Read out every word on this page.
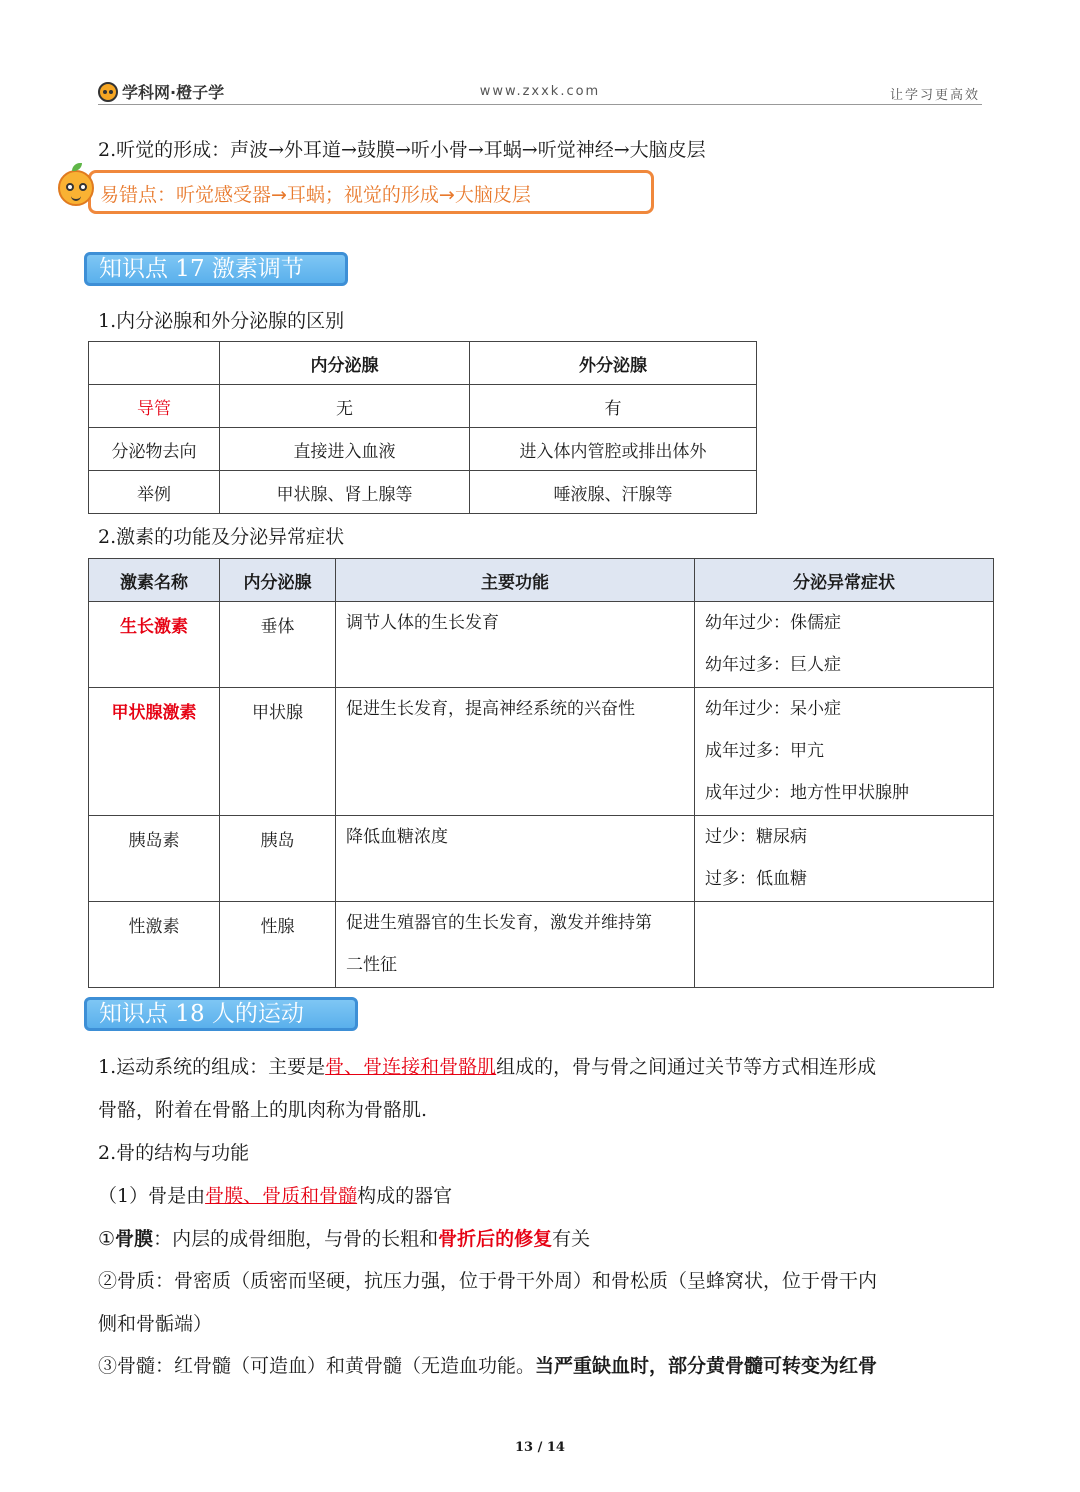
学科网·橙子学	www.zxxk.com	让学习更高效
2.听觉的形成：声波→外耳道→鼓膜→听小骨→耳蜗→听觉神经→大脑皮层
易错点：听觉感受器→耳蜗；视觉的形成→大脑皮层
知识点 17 激素调节
1.内分泌腺和外分泌腺的区别
	内分泌腺	外分泌腺
导管	无	有
分泌物去向	直接进入血液	进入体内管腔或排出体外
举例	甲状腺、肾上腺等	唾液腺、汗腺等
2.激素的功能及分泌异常症状
激素名称	内分泌腺	主要功能	分泌异常症状
生长激素	垂体	调节人体的生长发育	幼年过少：侏儒症
幼年过多：巨人症

甲状腺激素	甲状腺	促进生长发育，提高神经系统的兴奋性	幼年过少：呆小症
成年过多：甲亢
成年过少：地方性甲状腺肿

胰岛素	胰岛	降低血糖浓度	过少：糖尿病
过多：低血糖

性激素	性腺	促进生殖器官的生长发育，激发并维持第
二性征	

知识点 18 人的运动
1.运动系统的组成：主要是骨、骨连接和骨骼肌组成的，骨与骨之间通过关节等方式相连形成
骨骼，附着在骨骼上的肌肉称为骨骼肌.
2.骨的结构与功能
（1）骨是由骨膜、骨质和骨髓构成的器官
①骨膜：内层的成骨细胞，与骨的长粗和骨折后的修复有关
②骨质：骨密质（质密而坚硬，抗压力强，位于骨干外周）和骨松质（呈蜂窝状，位于骨干内
侧和骨骺端）
③骨髓：红骨髓（可造血）和黄骨髓（无造血功能。当严重缺血时，部分黄骨髓可转变为红骨
13 / 14
